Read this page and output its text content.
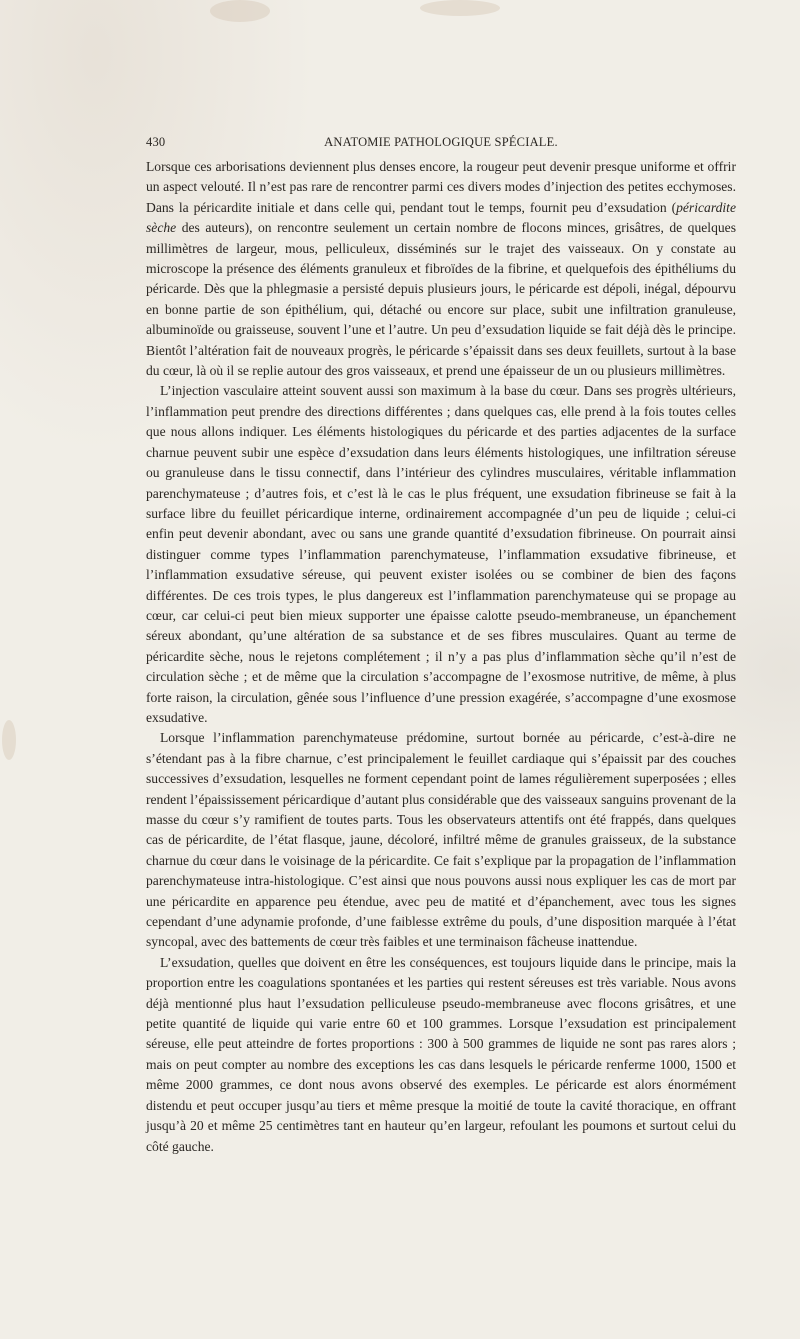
430	ANATOMIE PATHOLOGIQUE SPÉCIALE.

Lorsque ces arborisations deviennent plus denses encore, la rougeur peut devenir presque uniforme et offrir un aspect velouté. Il n’est pas rare de rencontrer parmi ces divers modes d’injection des petites ecchymoses. Dans la péricardite initiale et dans celle qui, pendant tout le temps, fournit peu d’exsudation (péricardite sèche des auteurs), on rencontre seulement un certain nombre de flocons minces, grisâtres, de quelques millimètres de largeur, mous, pelliculeux, disséminés sur le trajet des vaisseaux. On y constate au microscope la présence des éléments granuleux et fibroïdes de la fibrine, et quelquefois des épithéliums du péricarde. Dès que la phlegmasie a persisté depuis plusieurs jours, le péricarde est dépoli, inégal, dépourvu en bonne partie de son épithélium, qui, détaché ou encore sur place, subit une infiltration granuleuse, albuminoïde ou graisseuse, souvent l’une et l’autre. Un peu d’exsudation liquide se fait déjà dès le principe. Bientôt l’altération fait de nouveaux progrès, le péricarde s’épaissit dans ses deux feuillets, surtout à la base du cœur, là où il se replie autour des gros vaisseaux, et prend une épaisseur de un ou plusieurs millimètres.

L’injection vasculaire atteint souvent aussi son maximum à la base du cœur. Dans ses progrès ultérieurs, l’inflammation peut prendre des directions différentes ; dans quelques cas, elle prend à la fois toutes celles que nous allons indiquer. Les éléments histologiques du péricarde et des parties adjacentes de la surface charnue peuvent subir une espèce d’exsudation dans leurs éléments histologiques, une infiltration séreuse ou granuleuse dans le tissu connectif, dans l’intérieur des cylindres musculaires, véritable inflammation parenchymateuse ; d’autres fois, et c’est là le cas le plus fréquent, une exsudation fibrineuse se fait à la surface libre du feuillet péricardique interne, ordinairement accompagnée d’un peu de liquide ; celui-ci enfin peut devenir abondant, avec ou sans une grande quantité d’exsudation fibrineuse. On pourrait ainsi distinguer comme types l’inflammation parenchymateuse, l’inflammation exsudative fibrineuse, et l’inflammation exsudative séreuse, qui peuvent exister isolées ou se combiner de bien des façons différentes. De ces trois types, le plus dangereux est l’inflammation parenchymateuse qui se propage au cœur, car celui-ci peut bien mieux supporter une épaisse calotte pseudo-membraneuse, un épanchement séreux abondant, qu’une altération de sa substance et de ses fibres musculaires. Quant au terme de péricardite sèche, nous le rejetons complétement ; il n’y a pas plus d’inflammation sèche qu’il n’est de circulation sèche ; et de même que la circulation s’accompagne de l’exosmose nutritive, de même, à plus forte raison, la circulation, gênée sous l’influence d’une pression exagérée, s’accompagne d’une exosmose exsudative.

Lorsque l’inflammation parenchymateuse prédomine, surtout bornée au péricarde, c’est-à-dire ne s’étendant pas à la fibre charnue, c’est principalement le feuillet cardiaque qui s’épaissit par des couches successives d’exsudation, lesquelles ne forment cependant point de lames régulièrement superposées ; elles rendent l’épaississement péricardique d’autant plus considérable que des vaisseaux sanguins provenant de la masse du cœur s’y ramifient de toutes parts. Tous les observateurs attentifs ont été frappés, dans quelques cas de péricardite, de l’état flasque, jaune, décoloré, infiltré même de granules graisseux, de la substance charnue du cœur dans le voisinage de la péricardite. Ce fait s’explique par la propagation de l’inflammation parenchymateuse intra-histologique. C’est ainsi que nous pouvons aussi nous expliquer les cas de mort par une péricardite en apparence peu étendue, avec peu de matité et d’épanchement, avec tous les signes cependant d’une adynamie profonde, d’une faiblesse extrême du pouls, d’une disposition marquée à l’état syncopal, avec des battements de cœur très faibles et une terminaison fâcheuse inattendue.

L’exsudation, quelles que doivent en être les conséquences, est toujours liquide dans le principe, mais la proportion entre les coagulations spontanées et les parties qui restent séreuses est très variable. Nous avons déjà mentionné plus haut l’exsudation pelliculeuse pseudo-membraneuse avec flocons grisâtres, et une petite quantité de liquide qui varie entre 60 et 100 grammes. Lorsque l’exsudation est principalement séreuse, elle peut atteindre de fortes proportions : 300 à 500 grammes de liquide ne sont pas rares alors ; mais on peut compter au nombre des exceptions les cas dans lesquels le péricarde renferme 1000, 1500 et même 2000 grammes, ce dont nous avons observé des exemples. Le péricarde est alors énormément distendu et peut occuper jusqu’au tiers et même presque la moitié de toute la cavité thoracique, en offrant jusqu’à 20 et même 25 centimètres tant en hauteur qu’en largeur, refoulant les poumons et surtout celui du côté gauche.
